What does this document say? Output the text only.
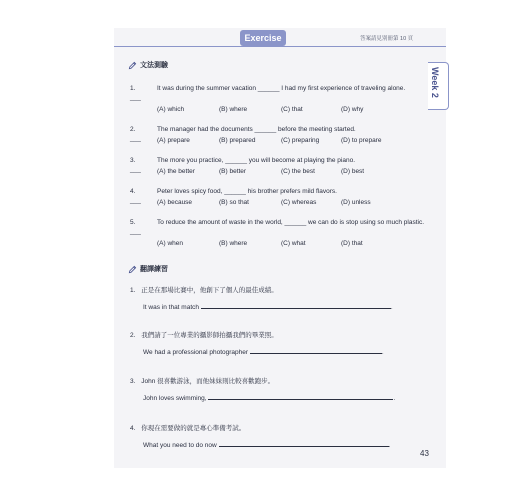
Exercise	答案請見別冊第 10 頁
Week 2
文法測驗
1. ___
It was during the summer vacation ______ I had my first experience of traveling alone.
(A) which	(B) where	(C) that	(D) why
2. ___
The manager had the documents ______ before the meeting started.
(A) prepare	(B) prepared	(C) preparing	(D) to prepare
3. ___
The more you practice, ______ you will become at playing the piano.
(A) the better	(B) better	(C) the best	(D) best
4. ___
Peter loves spicy food, ______ his brother prefers mild flavors.
(A) because	(B) so that	(C) whereas	(D) unless
5. ___
To reduce the amount of waste in the world, ______ we can do is stop using so much plastic.
(A) when	(B) where	(C) what	(D) that
翻譯練習
1. 正是在那場比賽中，他創下了個人的最佳成績。
It was in that match	.
2. 我們請了一位專業的攝影師拍攝我們的畢業照。
We had a professional photographer	.
3. John 很喜歡游泳，而他妹妹則比較喜歡跑步。
John loves swimming,	.
4. 你現在需要做的就是專心準備考試。
What you need to do now	.
43
